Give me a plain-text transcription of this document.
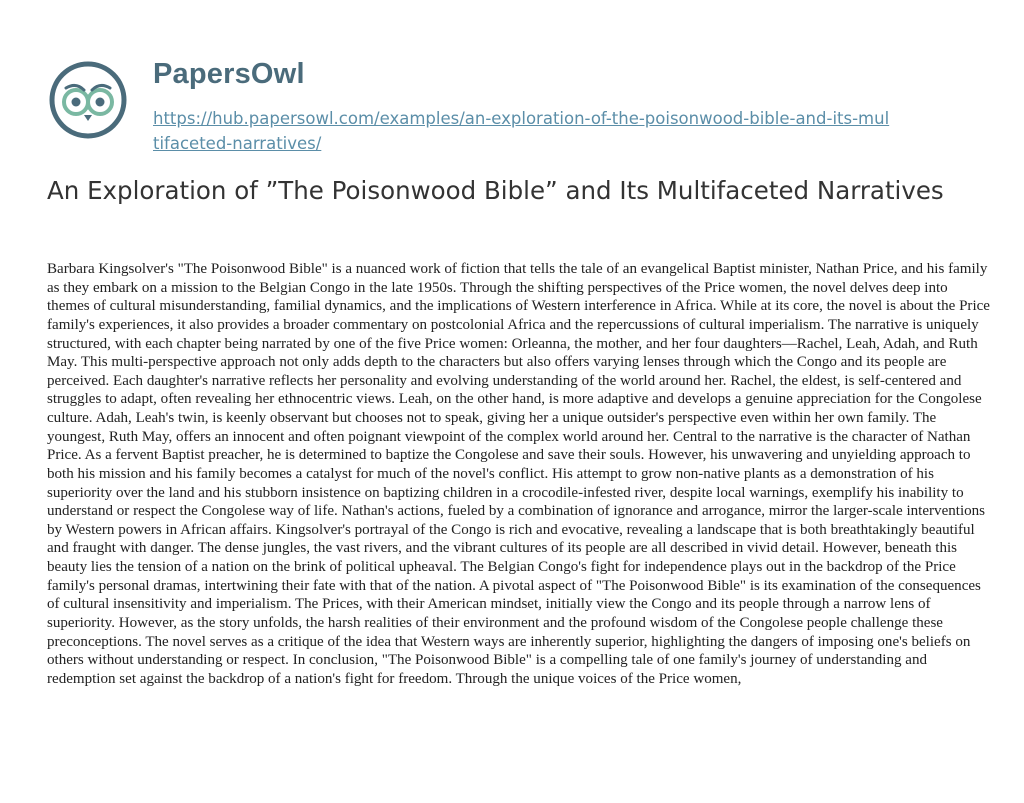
PapersOwl
https://hub.papersowl.com/examples/an-exploration-of-the-poisonwood-bible-and-its-multifaceted-narratives/
An Exploration of ”The Poisonwood Bible” and Its Multifaceted Narratives

Barbara Kingsolver's "The Poisonwood Bible" is a nuanced work of fiction that tells the tale of an evangelical Baptist minister, Nathan Price, and his family as they embark on a mission to the Belgian Congo in the late 1950s. Through the shifting perspectives of the Price women, the novel delves deep into themes of cultural misunderstanding, familial dynamics, and the implications of Western interference in Africa. While at its core, the novel is about the Price family's experiences, it also provides a broader commentary on postcolonial Africa and the repercussions of cultural imperialism. The narrative is uniquely structured, with each chapter being narrated by one of the five Price women: Orleanna, the mother, and her four daughters—Rachel, Leah, Adah, and Ruth May. This multi-perspective approach not only adds depth to the characters but also offers varying lenses through which the Congo and its people are perceived. Each daughter's narrative reflects her personality and evolving understanding of the world around her. Rachel, the eldest, is self-centered and struggles to adapt, often revealing her ethnocentric views. Leah, on the other hand, is more adaptive and develops a genuine appreciation for the Congolese culture. Adah, Leah's twin, is keenly observant but chooses not to speak, giving her a unique outsider's perspective even within her own family. The youngest, Ruth May, offers an innocent and often poignant viewpoint of the complex world around her. Central to the narrative is the character of Nathan Price. As a fervent Baptist preacher, he is determined to baptize the Congolese and save their souls. However, his unwavering and unyielding approach to both his mission and his family becomes a catalyst for much of the novel's conflict. His attempt to grow non-native plants as a demonstration of his superiority over the land and his stubborn insistence on baptizing children in a crocodile-infested river, despite local warnings, exemplify his inability to understand or respect the Congolese way of life. Nathan's actions, fueled by a combination of ignorance and arrogance, mirror the larger-scale interventions by Western powers in African affairs. Kingsolver's portrayal of the Congo is rich and evocative, revealing a landscape that is both breathtakingly beautiful and fraught with danger. The dense jungles, the vast rivers, and the vibrant cultures of its people are all described in vivid detail. However, beneath this beauty lies the tension of a nation on the brink of political upheaval. The Belgian Congo's fight for independence plays out in the backdrop of the Price family's personal dramas, intertwining their fate with that of the nation. A pivotal aspect of "The Poisonwood Bible" is its examination of the consequences of cultural insensitivity and imperialism. The Prices, with their American mindset, initially view the Congo and its people through a narrow lens of superiority. However, as the story unfolds, the harsh realities of their environment and the profound wisdom of the Congolese people challenge these preconceptions. The novel serves as a critique of the idea that Western ways are inherently superior, highlighting the dangers of imposing one's beliefs on others without understanding or respect. In conclusion, "The Poisonwood Bible" is a compelling tale of one family's journey of understanding and redemption set against the backdrop of a nation's fight for freedom. Through the unique voices of the Price women,
